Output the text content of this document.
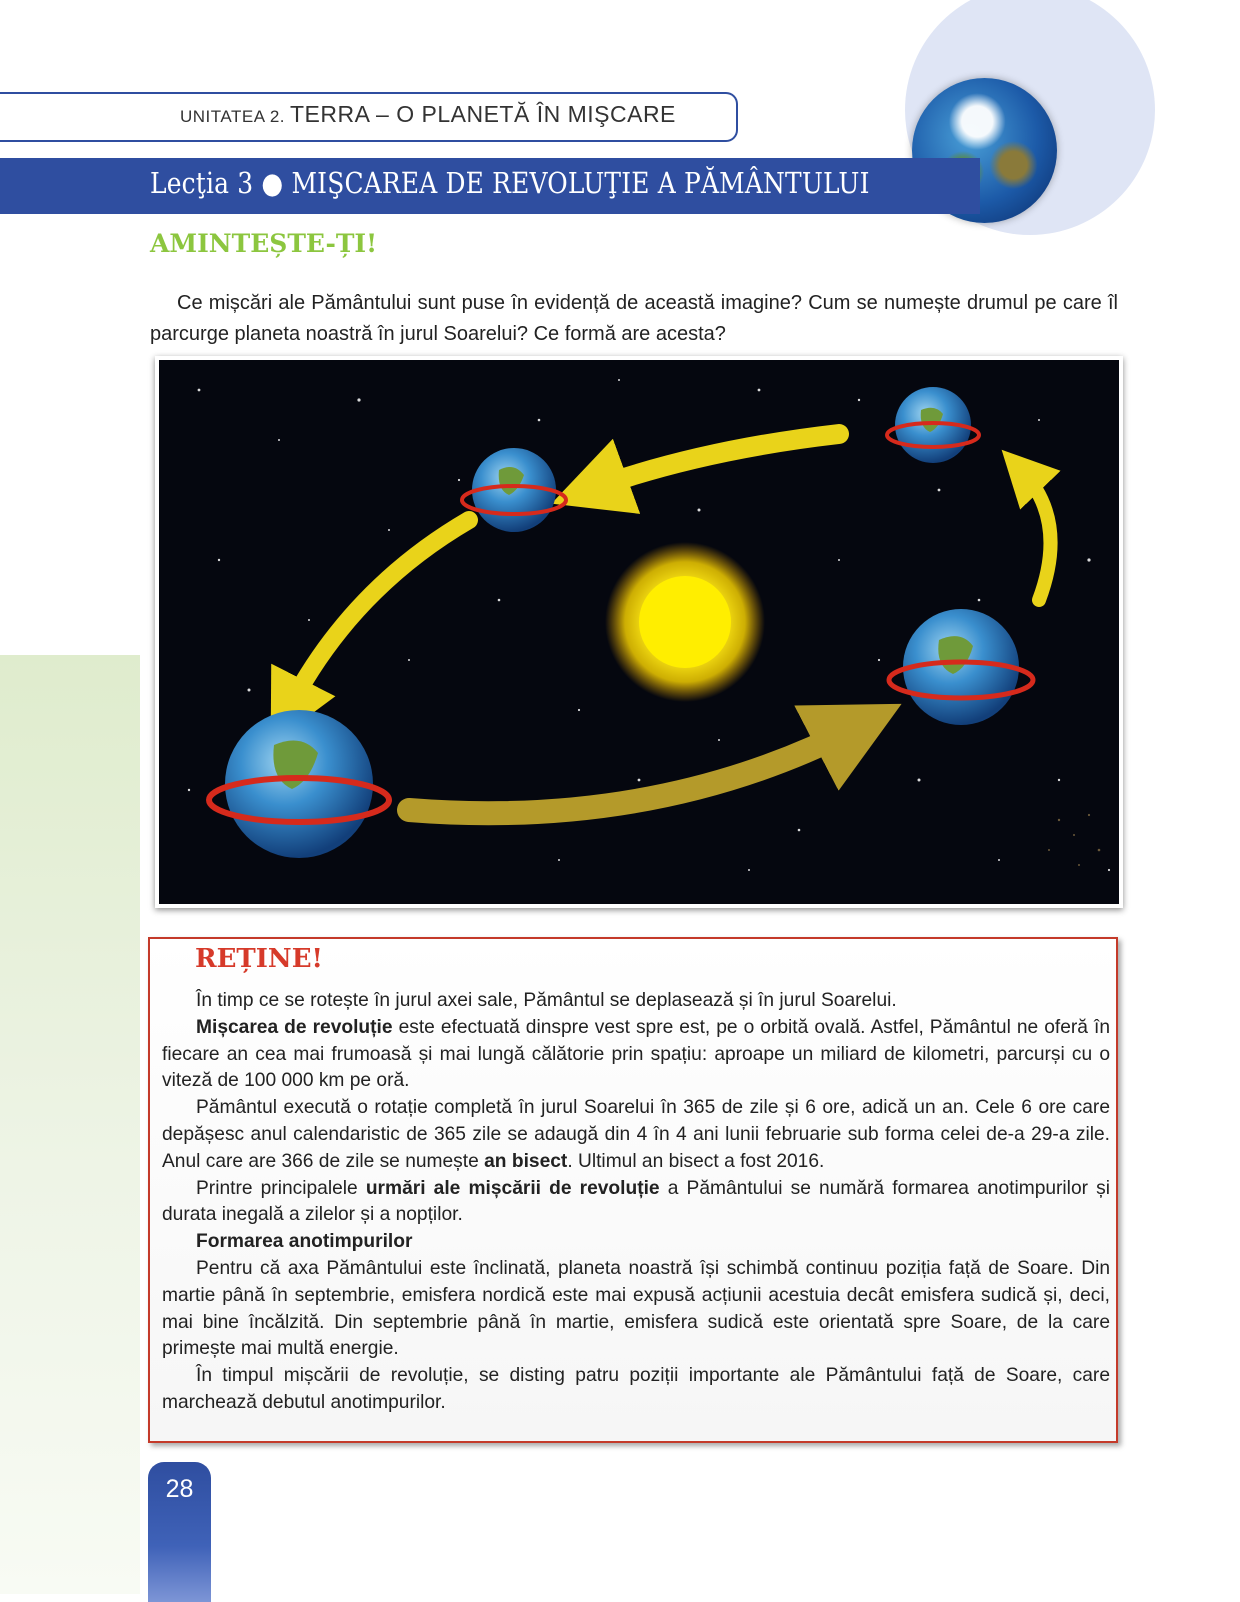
UNITATEA 2. TERRA – O PLANETĂ ÎN MIŞCARE
Lecţia 3 ● MIŞCAREA DE REVOLUŢIE A PĂMÂNTULUI
AMINTEȘTE-ȚI!
Ce mișcări ale Pământului sunt puse în evidență de această imagine? Cum se numește drumul pe care îl parcurge planeta noastră în jurul Soarelui? Ce formă are acesta?
REȚINE!

În timp ce se rotește în jurul axei sale, Pământul se deplasează și în jurul Soarelui.

Mișcarea de revoluție este efectuată dinspre vest spre est, pe o orbită ovală. Astfel, Pământul ne oferă în fiecare an cea mai frumoasă și mai lungă călătorie prin spațiu: aproape un miliard de kilometri, parcurși cu o viteză de 100 000 km pe oră.

Pământul execută o rotație completă în jurul Soarelui în 365 de zile și 6 ore, adică un an. Cele 6 ore care depășesc anul calendaristic de 365 zile se adaugă din 4 în 4 ani lunii februarie sub forma celei de-a 29-a zile. Anul care are 366 de zile se numește an bisect. Ultimul an bisect a fost 2016.

Printre principalele urmări ale mișcării de revoluție a Pământului se numără formarea anotimpurilor și durata inegală a zilelor și a nopților.

Formarea anotimpurilor

Pentru că axa Pământului este înclinată, planeta noastră își schimbă continuu poziția față de Soare. Din martie până în septembrie, emisfera nordică este mai expusă acțiunii acestuia decât emisfera sudică și, deci, mai bine încălzită. Din septembrie până în martie, emisfera sudică este orientată spre Soare, de la care primește mai multă energie.

În timpul mișcării de revoluție, se disting patru poziții importante ale Pământului față de Soare, care marchează debutul anotimpurilor.

28
